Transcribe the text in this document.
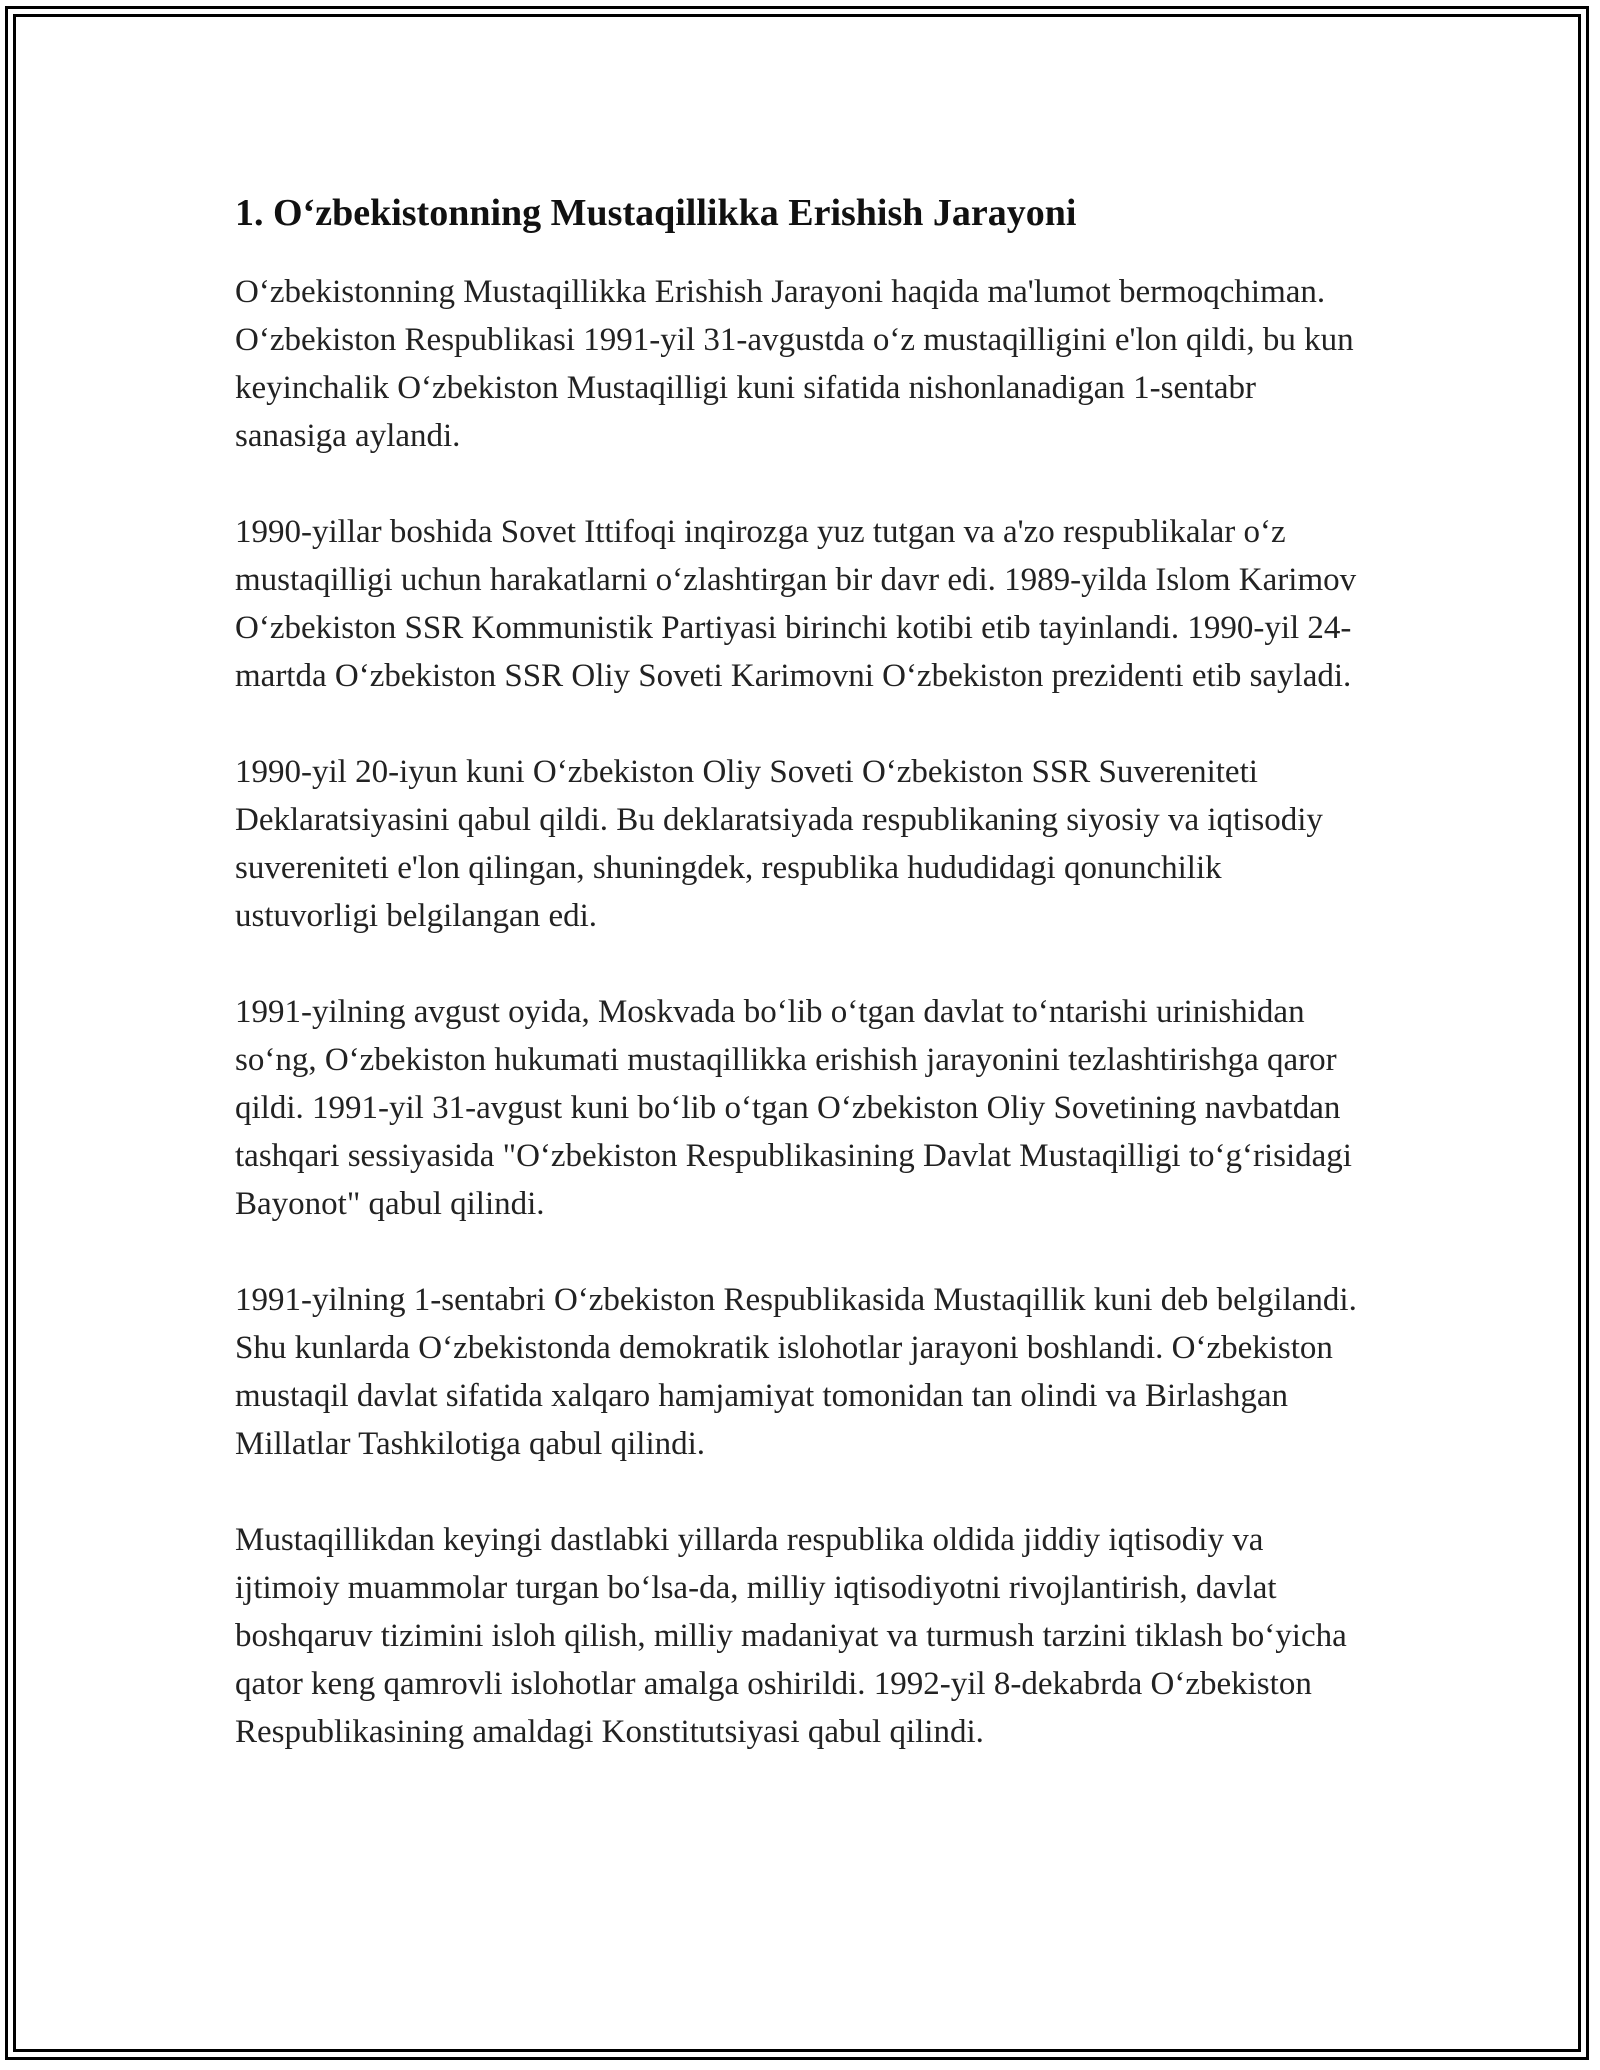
1. Oʻzbekistonning Mustaqillikka Erishish Jarayoni

Oʻzbekistonning Mustaqillikka Erishish Jarayoni haqida ma'lumot bermoqchiman. Oʻzbekiston Respublikasi 1991-yil 31-avgustda oʻz mustaqilligini e'lon qildi, bu kun keyinchalik Oʻzbekiston Mustaqilligi kuni sifatida nishonlanadigan 1-sentabr sanasiga aylandi.

1990-yillar boshida Sovet Ittifoqi inqirozga yuz tutgan va a'zo respublikalar oʻz mustaqilligi uchun harakatlarni oʻzlashtirgan bir davr edi. 1989-yilda Islom Karimov Oʻzbekiston SSR Kommunistik Partiyasi birinchi kotibi etib tayinlandi. 1990-yil 24-martda Oʻzbekiston SSR Oliy Soveti Karimovni Oʻzbekiston prezidenti etib sayladi.

1990-yil 20-iyun kuni Oʻzbekiston Oliy Soveti Oʻzbekiston SSR Suvereniteti Deklaratsiyasini qabul qildi. Bu deklaratsiyada respublikaning siyosiy va iqtisodiy suvereniteti e'lon qilingan, shuningdek, respublika hududidagi qonunchilik ustuvorligi belgilangan edi.

1991-yilning avgust oyida, Moskvada boʻlib oʻtgan davlat toʻntarishi urinishidan soʻng, Oʻzbekiston hukumati mustaqillikka erishish jarayonini tezlashtirishga qaror qildi. 1991-yil 31-avgust kuni boʻlib oʻtgan Oʻzbekiston Oliy Sovetining navbatdan tashqari sessiyasida "Oʻzbekiston Respublikasining Davlat Mustaqilligi toʻgʻrisidagi Bayonot" qabul qilindi.

1991-yilning 1-sentabri Oʻzbekiston Respublikasida Mustaqillik kuni deb belgilandi. Shu kunlarda Oʻzbekistonda demokratik islohotlar jarayoni boshlandi. Oʻzbekiston mustaqil davlat sifatida xalqaro hamjamiyat tomonidan tan olindi va Birlashgan Millatlar Tashkilotiga qabul qilindi.

Mustaqillikdan keyingi dastlabki yillarda respublika oldida jiddiy iqtisodiy va ijtimoiy muammolar turgan boʻlsa-da, milliy iqtisodiyotni rivojlantirish, davlat boshqaruv tizimini isloh qilish, milliy madaniyat va turmush tarzini tiklash boʻyicha qator keng qamrovli islohotlar amalga oshirildi. 1992-yil 8-dekabrda Oʻzbekiston Respublikasining amaldagi Konstitutsiyasi qabul qilindi.
